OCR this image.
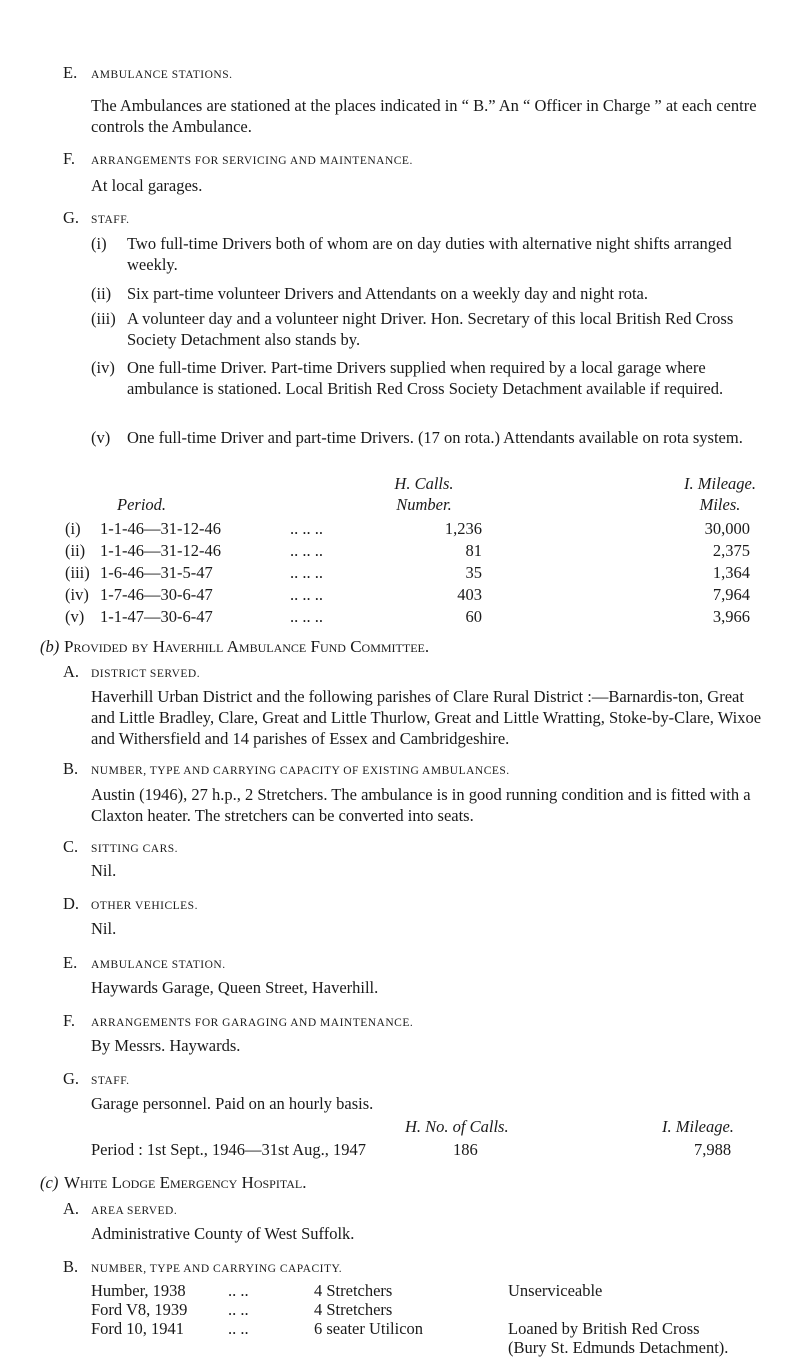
E. AMBULANCE STATIONS.
The Ambulances are stationed at the places indicated in “ B.” An “ Officer in Charge ” at each centre controls the Ambulance.
F. ARRANGEMENTS FOR SERVICING AND MAINTENANCE.
At local garages.
G. STAFF.
(i) Two full-time Drivers both of whom are on day duties with alternative night shifts arranged weekly.
(ii) Six part-time volunteer Drivers and Attendants on a weekly day and night rota.
(iii) A volunteer day and a volunteer night Driver. Hon. Secretary of this local British Red Cross Society Detachment also stands by.
(iv) One full-time Driver. Part-time Drivers supplied when required by a local garage where ambulance is stationed. Local British Red Cross Society Detachment available if required.
(v) One full-time Driver and part-time Drivers. (17 on rota.) Attendants available on rota system.
H. Calls.	I. Mileage.
Period.	Number.	Miles.
(i) 1-1-46—31-12-46	.. .. ..	1,236	30,000
(ii) 1-1-46—31-12-46	.. .. ..	81	2,375
(iii) 1-6-46—31-5-47	.. .. ..	35	1,364
(iv) 1-7-46—30-6-47	.. .. ..	403	7,964
(v) 1-1-47—30-6-47	.. .. ..	60	3,966
(b) Provided by Haverhill Ambulance Fund Committee.
A. DISTRICT SERVED.
Haverhill Urban District and the following parishes of Clare Rural District :—Barnardis-ton, Great and Little Bradley, Clare, Great and Little Thurlow, Great and Little Wratting, Stoke-by-Clare, Wixoe and Withersfield and 14 parishes of Essex and Cambridgeshire.
B. NUMBER, TYPE AND CARRYING CAPACITY OF EXISTING AMBULANCES.
Austin (1946), 27 h.p., 2 Stretchers. The ambulance is in good running condition and is fitted with a Claxton heater. The stretchers can be converted into seats.
C. SITTING CARS.
Nil.
D. OTHER VEHICLES.
Nil.
E. AMBULANCE STATION.
Haywards Garage, Queen Street, Haverhill.
F. ARRANGEMENTS FOR GARAGING AND MAINTENANCE.
By Messrs. Haywards.
G. STAFF.
Garage personnel. Paid on an hourly basis.
H. No. of Calls.	I. Mileage.
Period : 1st Sept., 1946—31st Aug., 1947	186	7,988
(c) White Lodge Emergency Hospital.
A. AREA SERVED.
Administrative County of West Suffolk.
B. NUMBER, TYPE AND CARRYING CAPACITY.
Humber, 1938	.. ..	4 Stretchers	Unserviceable
Ford V8, 1939 .. ..	4 Stretchers
Ford 10, 1941	.. ..	6 seater Utilicon	Loaned by British Red Cross
(Bury St. Edmunds Detachment).
